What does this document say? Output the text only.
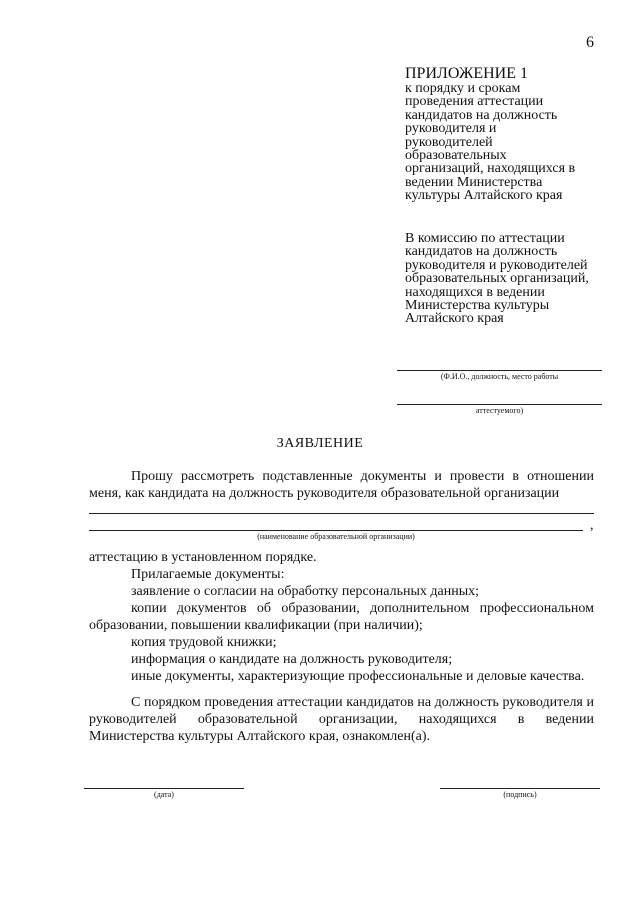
6
ПРИЛОЖЕНИЕ 1
к порядку и срокам
проведения аттестации
кандидатов на должность
руководителя и
руководителей
образовательных
организаций, находящихся в
ведении Министерства
культуры Алтайского края
В комиссию по аттестации
кандидатов на должность
руководителя и руководителей
образовательных организаций,
находящихся в ведении
Министерства культуры
Алтайского края
(Ф.И.О., должность, место работы
аттестуемого)
ЗАЯВЛЕНИЕ
Прошу рассмотреть подставленные документы и провести в отношении
меня, как кандидата на должность руководителя образовательной организации
,
(наименование образовательной организации)
аттестацию в установленном порядке.
Прилагаемые документы:
заявление о согласии на обработку персональных данных;
копии документов об образовании, дополнительном профессиональном образовании, повышении квалификации (при наличии);
копия трудовой книжки;
информация о кандидате на должность руководителя;
иные документы, характеризующие профессиональные и деловые качества.
С порядком проведения аттестации кандидатов на должность руководителя и руководителей образовательной организации, находящихся в ведении Министерства культуры Алтайского края, ознакомлен(а).
(дата)	(подпись)
